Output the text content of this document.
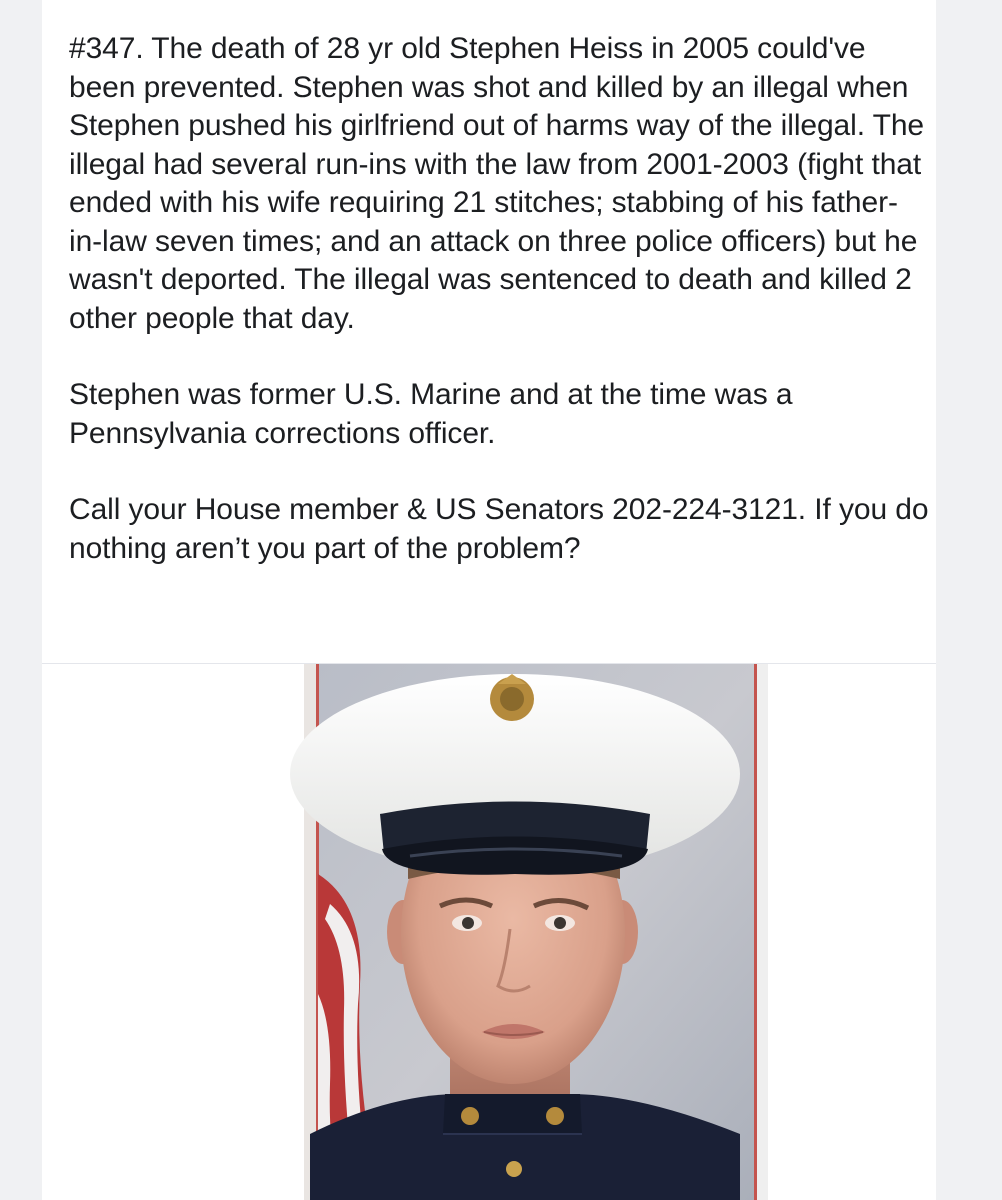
#347. The death of 28 yr old Stephen Heiss in 2005 could've been prevented. Stephen was shot and killed by an illegal when Stephen pushed his girlfriend out of harms way of the illegal. The illegal had several run-ins with the law from 2001-2003 (fight that ended with his wife requiring 21 stitches; stabbing of his father-in-law seven times; and an attack on three police officers) but he wasn't deported. The illegal was sentenced to death and killed 2 other people that day.

Stephen was former U.S. Marine and at the time was a Pennsylvania corrections officer.

Call your House member & US Senators 202-224-3121. If you do nothing aren’t you part of the problem?
